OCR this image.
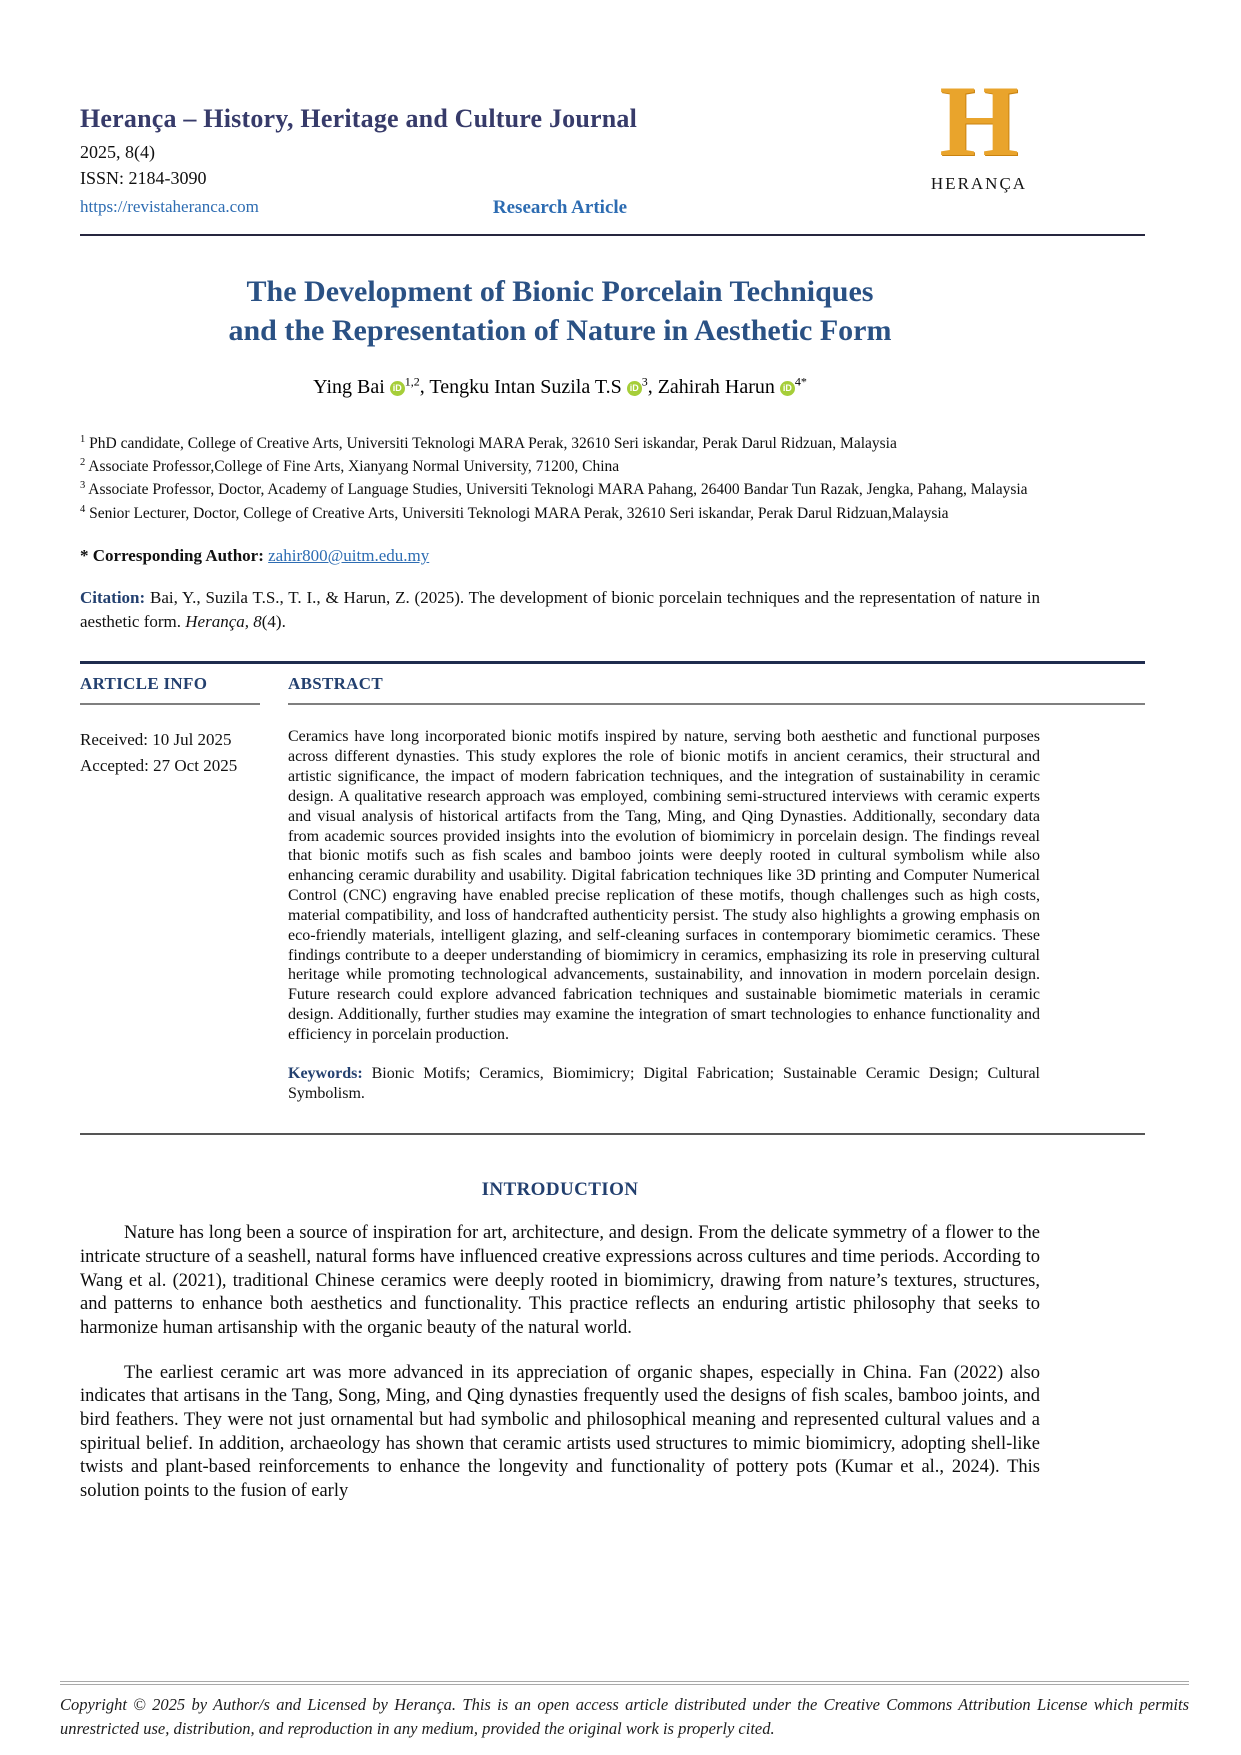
H
HERANÇA
Herança – History, Heritage and Culture Journal
2025, 8(4)
ISSN: 2184-3090
https://revistaheranca.com	Research Article
The Development of Bionic Porcelain Techniques
and the Representation of Nature in Aesthetic Form
Ying Bai iD $^{1,2}$, Tengku Intan Suzila T.S iD $^3$, Zahirah Harun iD $^{4*}$
$^1$ PhD candidate, College of Creative Arts, Universiti Teknologi MARA Perak, 32610 Seri iskandar, Perak Darul Ridzuan, Malaysia
$^2$ Associate Professor,College of Fine Arts, Xianyang Normal University, 71200, China
$^3$ Associate Professor, Doctor, Academy of Language Studies, Universiti Teknologi MARA Pahang, 26400 Bandar Tun Razak, Jengka, Pahang, Malaysia
$^4$ Senior Lecturer, Doctor, College of Creative Arts, Universiti Teknologi MARA Perak, 32610 Seri iskandar, Perak Darul Ridzuan,Malaysia
* Corresponding Author: zahir800@uitm.edu.my
Citation: Bai, Y., Suzila T.S., T. I., & Harun, Z. (2025). The development of bionic porcelain techniques and the representation of nature in aesthetic form. Herança, 8(4).
ARTICLE INFO	ABSTRACT
Received: 10 Jul 2025
Accepted: 27 Oct 2025
Ceramics have long incorporated bionic motifs inspired by nature, serving both aesthetic and functional purposes across different dynasties. This study explores the role of bionic motifs in ancient ceramics, their structural and artistic significance, the impact of modern fabrication techniques, and the integration of sustainability in ceramic design. A qualitative research approach was employed, combining semi-structured interviews with ceramic experts and visual analysis of historical artifacts from the Tang, Ming, and Qing Dynasties. Additionally, secondary data from academic sources provided insights into the evolution of biomimicry in porcelain design. The findings reveal that bionic motifs such as fish scales and bamboo joints were deeply rooted in cultural symbolism while also enhancing ceramic durability and usability. Digital fabrication techniques like 3D printing and Computer Numerical Control (CNC) engraving have enabled precise replication of these motifs, though challenges such as high costs, material compatibility, and loss of handcrafted authenticity persist. The study also highlights a growing emphasis on eco-friendly materials, intelligent glazing, and self-cleaning surfaces in contemporary biomimetic ceramics. These findings contribute to a deeper understanding of biomimicry in ceramics, emphasizing its role in preserving cultural heritage while promoting technological advancements, sustainability, and innovation in modern porcelain design. Future research could explore advanced fabrication techniques and sustainable biomimetic materials in ceramic design. Additionally, further studies may examine the integration of smart technologies to enhance functionality and efficiency in porcelain production.
Keywords: Bionic Motifs; Ceramics, Biomimicry; Digital Fabrication; Sustainable Ceramic Design; Cultural Symbolism.
INTRODUCTION

Nature has long been a source of inspiration for art, architecture, and design. From the delicate symmetry of a flower to the intricate structure of a seashell, natural forms have influenced creative expressions across cultures and time periods. According to Wang et al. (2021), traditional Chinese ceramics were deeply rooted in biomimicry, drawing from nature’s textures, structures, and patterns to enhance both aesthetics and functionality. This practice reflects an enduring artistic philosophy that seeks to harmonize human artisanship with the organic beauty of the natural world.

The earliest ceramic art was more advanced in its appreciation of organic shapes, especially in China. Fan (2022) also indicates that artisans in the Tang, Song, Ming, and Qing dynasties frequently used the designs of fish scales, bamboo joints, and bird feathers. They were not just ornamental but had symbolic and philosophical meaning and represented cultural values and a spiritual belief. In addition, archaeology has shown that ceramic artists used structures to mimic biomimicry, adopting shell-like twists and plant-based reinforcements to enhance the longevity and functionality of pottery pots (Kumar et al., 2024). This solution points to the fusion of early

Copyright © 2025 by Author/s and Licensed by Herança. This is an open access article distributed under the Creative Commons Attribution License which permits unrestricted use, distribution, and reproduction in any medium, provided the original work is properly cited.
